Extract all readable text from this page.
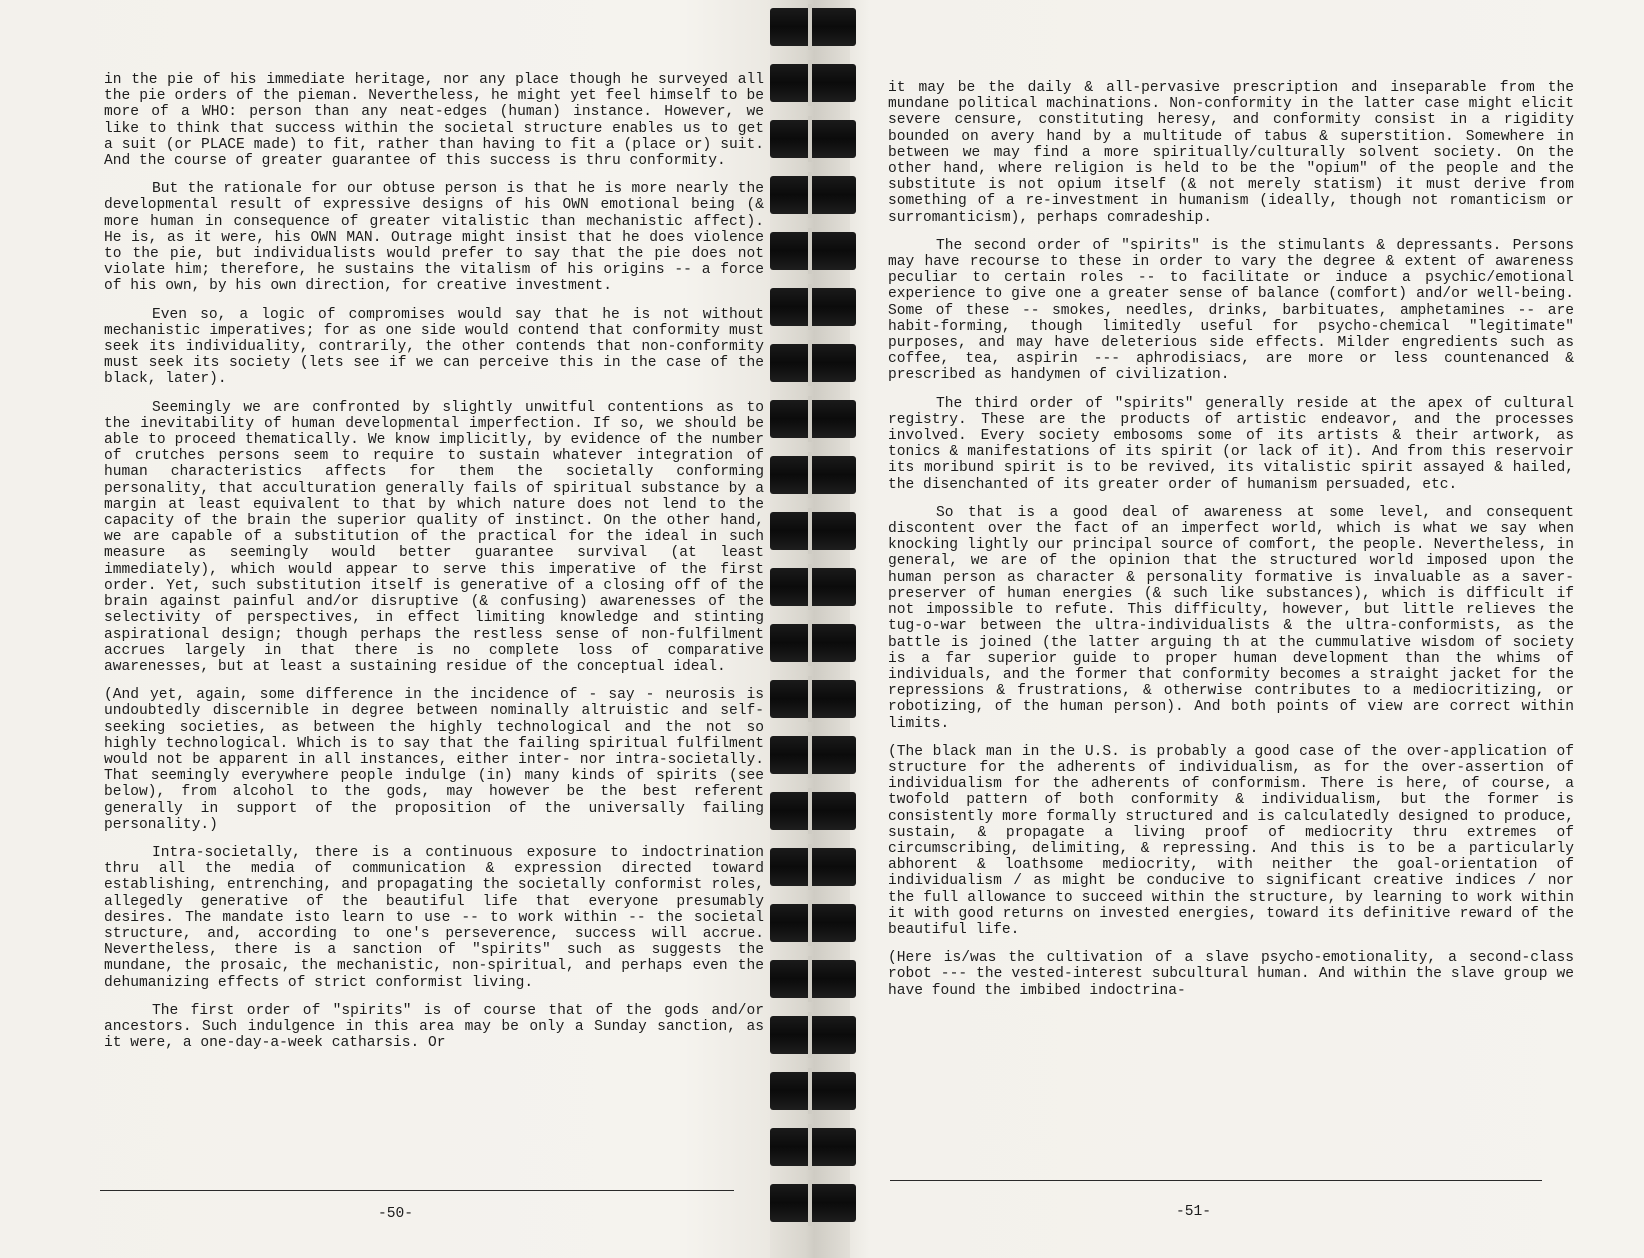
in the pie of his immediate heritage, nor any place though he surveyed all the pie orders of the pieman. Nevertheless, he might yet feel himself to be more of a WHO: person than any neat-edges (human) instance. However, we like to think that success within the societal structure enables us to get a suit (or PLACE made) to fit, rather than having to fit a (place or) suit. And the course of greater guarantee of this success is thru conformity.

But the rationale for our obtuse person is that he is more nearly the developmental result of expressive designs of his OWN emotional being (& more human in consequence of greater vitalistic than mechanistic affect). He is, as it were, his OWN MAN. Outrage might insist that he does violence to the pie, but individualists would prefer to say that the pie does not violate him; therefore, he sustains the vitalism of his origins -- a force of his own, by his own direction, for creative investment.

Even so, a logic of compromises would say that he is not without mechanistic imperatives; for as one side would contend that conformity must seek its individuality, contrarily, the other contends that non-conformity must seek its society (lets see if we can perceive this in the case of the black, later).

Seemingly we are confronted by slightly unwitful contentions as to the inevitability of human developmental imperfection. If so, we should be able to proceed thematically. We know implicitly, by evidence of the number of crutches persons seem to require to sustain whatever integration of human characteristics affects for them the societally conforming personality, that acculturation generally fails of spiritual substance by a margin at least equivalent to that by which nature does not lend to the capacity of the brain the superior quality of instinct. On the other hand, we are capable of a substitution of the practical for the ideal in such measure as seemingly would better guarantee survival (at least immediately), which would appear to serve this imperative of the first order. Yet, such substitution itself is generative of a closing off of the brain against painful and/or disruptive (& confusing) awarenesses of the selectivity of perspectives, in effect limiting knowledge and stinting aspirational design; though perhaps the restless sense of non-fulfilment accrues largely in that there is no complete loss of comparative awarenesses, but at least a sustaining residue of the conceptual ideal.

(And yet, again, some difference in the incidence of - say - neurosis is undoubtedly discernible in degree between nominally altruistic and self-seeking societies, as between the highly technological and the not so highly technological. Which is to say that the failing spiritual fulfilment would not be apparent in all instances, either inter- nor intra-societally. That seemingly everywhere people indulge (in) many kinds of spirits (see below), from alcohol to the gods, may however be the best referent generally in support of the proposition of the universally failing personality.)

Intra-societally, there is a continuous exposure to indoctrination thru all the media of communication & expression directed toward establishing, entrenching, and propagating the societally conformist roles, allegedly generative of the beautiful life that everyone presumably desires. The mandate isto learn to use -- to work within -- the societal structure, and, according to one's perseverence, success will accrue. Nevertheless, there is a sanction of "spirits" such as suggests the mundane, the prosaic, the mechanistic, non-spiritual, and perhaps even the dehumanizing effects of strict conformist living.

The first order of "spirits" is of course that of the gods and/or ancestors. Such indulgence in this area may be only a Sunday sanction, as it were, a one-day-a-week catharsis. Or

-50-

it may be the daily & all-pervasive prescription and inseparable from the mundane political machinations. Non-conformity in the latter case might elicit severe censure, constituting heresy, and conformity consist in a rigidity bounded on avery hand by a multitude of tabus & superstition. Somewhere in between we may find a more spiritually/culturally solvent society. On the other hand, where religion is held to be the "opium" of the people and the substitute is not opium itself (& not merely statism) it must derive from something of a re-investment in humanism (ideally, though not romanticism or surromanticism), perhaps comradeship.

The second order of "spirits" is the stimulants & depressants. Persons may have recourse to these in order to vary the degree & extent of awareness peculiar to certain roles -- to facilitate or induce a psychic/emotional experience to give one a greater sense of balance (comfort) and/or well-being. Some of these -- smokes, needles, drinks, barbituates, amphetamines -- are habit-forming, though limitedly useful for psycho-chemical "legitimate" purposes, and may have deleterious side effects. Milder engredients such as coffee, tea, aspirin --- aphrodisiacs, are more or less countenanced & prescribed as handymen of civilization.

The third order of "spirits" generally reside at the apex of cultural registry. These are the products of artistic endeavor, and the processes involved. Every society embosoms some of its artists & their artwork, as tonics & manifestations of its spirit (or lack of it). And from this reservoir its moribund spirit is to be revived, its vitalistic spirit assayed & hailed, the disenchanted of its greater order of humanism persuaded, etc.

So that is a good deal of awareness at some level, and consequent discontent over the fact of an imperfect world, which is what we say when knocking lightly our principal source of comfort, the people. Nevertheless, in general, we are of the opinion that the structured world imposed upon the human person as character & personality formative is invaluable as a saver-preserver of human energies (& such like substances), which is difficult if not impossible to refute. This difficulty, however, but little relieves the tug-o-war between the ultra-individualists & the ultra-conformists, as the battle is joined (the latter arguing th at the cummulative wisdom of society is a far superior guide to proper human development than the whims of individuals, and the former that conformity becomes a straight jacket for the repressions & frustrations, & otherwise contributes to a mediocritizing, or robotizing, of the human person). And both points of view are correct within limits.

(The black man in the U.S. is probably a good case of the over-application of structure for the adherents of individualism, as for the over-assertion of individualism for the adherents of conformism. There is here, of course, a twofold pattern of both conformity & individualism, but the former is consistently more formally structured and is calculatedly designed to produce, sustain, & propagate a living proof of mediocrity thru extremes of circumscribing, delimiting, & repressing. And this is to be a particularly abhorent & loathsome mediocrity, with neither the goal-orientation of individualism / as might be conducive to significant creative indices / nor the full allowance to succeed within the structure, by learning to work within it with good returns on invested energies, toward its definitive reward of the beautiful life.

(Here is/was the cultivation of a slave psycho-emotionality, a second-class robot --- the vested-interest subcultural human. And within the slave group we have found the imbibed indoctrina-

-51-
